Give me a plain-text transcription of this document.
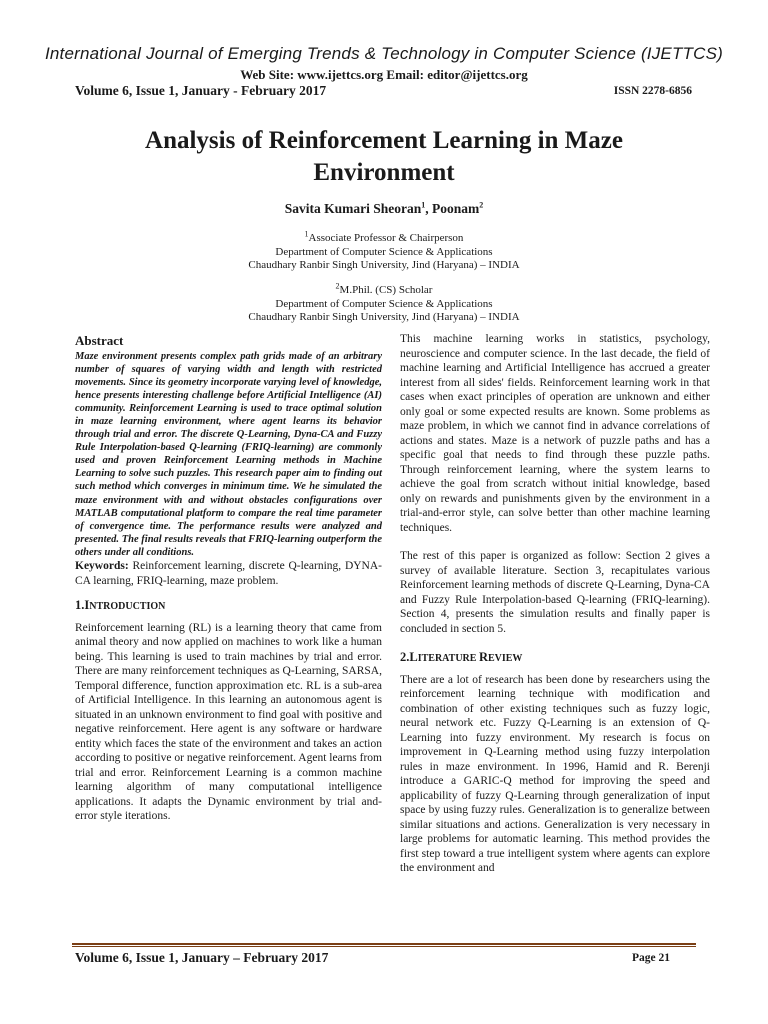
International Journal of Emerging Trends & Technology in Computer Science (IJETTCS)
Web Site: www.ijettcs.org Email: editor@ijettcs.org
Volume 6, Issue 1, January - February 2017	ISSN 2278-6856
Analysis of Reinforcement Learning in Maze Environment
Savita Kumari Sheoran$^1$, Poonam$^2$
$^1$Associate Professor & Chairperson
Department of Computer Science & Applications
Chaudhary Ranbir Singh University, Jind (Haryana) – INDIA
$^2$M.Phil. (CS) Scholar
Department of Computer Science & Applications
Chaudhary Ranbir Singh University, Jind (Haryana) – INDIA
Abstract

Maze environment presents complex path grids made of an arbitrary number of squares of varying width and length with restricted movements. Since its geometry incorporate varying level of knowledge, hence presents interesting challenge before Artificial Intelligence (AI) community. Reinforcement Learning is used to trace optimal solution in maze learning environment, where agent learns its behavior through trial and error. The discrete Q-Learning, Dyna-CA and Fuzzy Rule Interpolation-based Q-learning (FRIQ-learning) are commonly used and proven Reinforcement Learning methods in Machine Learning to solve such puzzles. This research paper aim to finding out such method which converges in minimum time. We he simulated the maze environment with and without obstacles configurations over MATLAB computational platform to compare the real time parameter of convergence time. The performance results were analyzed and presented. The final results reveals that FRIQ-learning outperform the others under all conditions.

Keywords: Reinforcement learning, discrete Q-learning, DYNA-CA learning, FRIQ-learning, maze problem.

1.INTRODUCTION

Reinforcement learning (RL) is a learning theory that came from animal theory and now applied on machines to work like a human being. This learning is used to train machines by trial and error. There are many reinforcement techniques as Q-Learning, SARSA, Temporal difference, function approximation etc. RL is a sub-area of Artificial Intelligence. In this learning an autonomous agent is situated in an unknown environment to find goal with positive and negative reinforcement. Here agent is any software or hardware entity which faces the state of the environment and takes an action according to positive or negative reinforcement. Agent learns from trial and error. Reinforcement Learning is a common machine learning algorithm of many computational intelligence applications. It adapts the Dynamic environment by trial and- error style iterations.

This machine learning works in statistics, psychology, neuroscience and computer science. In the last decade, the field of machine learning and Artificial Intelligence has accrued a greater interest from all sides' fields. Reinforcement learning work in that cases when exact principles of operation are unknown and either only goal or some expected results are known. Some problems as maze problem, in which we cannot find in advance correlations of actions and states. Maze is a network of puzzle paths and has a specific goal that needs to find through these puzzle paths. Through reinforcement learning, where the system learns to achieve the goal from scratch without initial knowledge, based only on rewards and punishments given by the environment in a trial-and-error style, can solve better than other machine learning techniques.

The rest of this paper is organized as follow: Section 2 gives a survey of available literature. Section 3, recapitulates various Reinforcement learning methods of discrete Q-Learning, Dyna-CA and Fuzzy Rule Interpolation-based Q-learning (FRIQ-learning). Section 4, presents the simulation results and finally paper is concluded in section 5.

2.LITERATURE REVIEW

There are a lot of research has been done by researchers using the reinforcement learning technique with modification and combination of other existing techniques such as fuzzy logic, neural network etc. Fuzzy Q-Learning is an extension of Q-Learning into fuzzy environment. My research is focus on improvement in Q-Learning method using fuzzy interpolation rules in maze environment. In 1996, Hamid and R. Berenji introduce a GARIC-Q method for improving the speed and applicability of fuzzy Q-Learning through generalization of input space by using fuzzy rules. Generalization is to generalize between similar situations and actions. Generalization is very necessary in large problems for automatic learning. This method provides the first step toward a true intelligent system where agents can explore the environment and

Volume 6, Issue 1, January – February 2017	Page 21
